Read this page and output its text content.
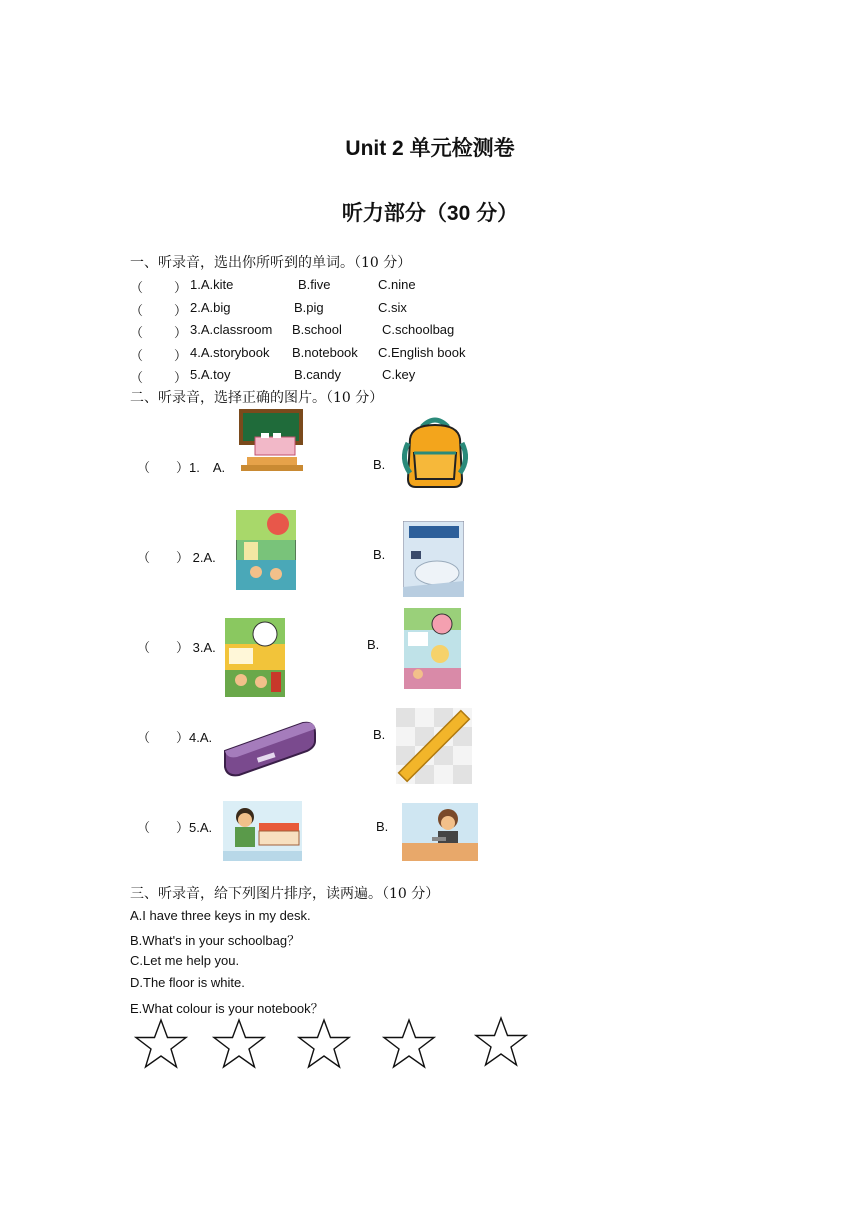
Unit 2 单元检测卷
听力部分（30 分）
一、听录音，选出你所听到的单词。（10 分）
（ ） 1.A.kite	B.five	C.nine
（ ） 2.A.big	B.pig	C.six
（ ） 3.A.classroom B.school	C.schoolbag
（ ） 4.A.storybook B.notebook C.English book
（ ） 5.A.toy	B.candy	C.key
二、听录音，选择正确的图片。（10 分）
（　　）1.　A.	B.
（　　） 2.A.	B.
（　　） 3.A.	B.
（　　）4.A.	B.
（　　）5.A.	B.
三、听录音，给下列图片排序，读两遍。（10 分）
A.I have three keys in my desk.
B.What's in your schoolbag？
C.Let me help you.
D.The floor is white.
E.What colour is your notebook？
